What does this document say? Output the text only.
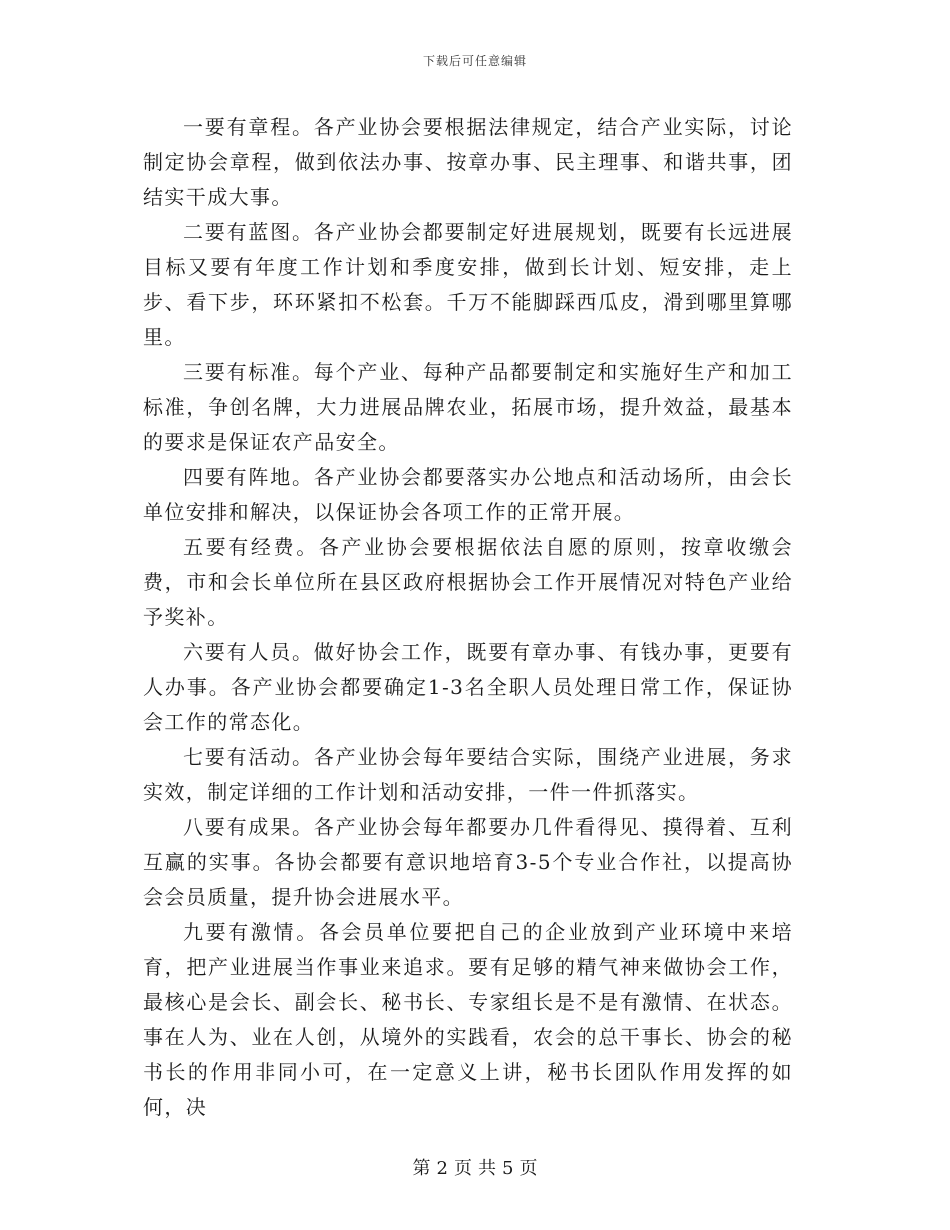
下载后可任意编辑

一要有章程。各产业协会要根据法律规定，结合产业实际，讨论制定协会章程，做到依法办事、按章办事、民主理事、和谐共事，团结实干成大事。

二要有蓝图。各产业协会都要制定好进展规划，既要有长远进展目标又要有年度工作计划和季度安排，做到长计划、短安排，走上步、看下步，环环紧扣不松套。千万不能脚踩西瓜皮，滑到哪里算哪里。

三要有标准。每个产业、每种产品都要制定和实施好生产和加工标准，争创名牌，大力进展品牌农业，拓展市场，提升效益，最基本的要求是保证农产品安全。

四要有阵地。各产业协会都要落实办公地点和活动场所，由会长单位安排和解决，以保证协会各项工作的正常开展。

五要有经费。各产业协会要根据依法自愿的原则，按章收缴会费，市和会长单位所在县区政府根据协会工作开展情况对特色产业给予奖补。

六要有人员。做好协会工作，既要有章办事、有钱办事，更要有人办事。各产业协会都要确定1-3名全职人员处理日常工作，保证协会工作的常态化。

七要有活动。各产业协会每年要结合实际，围绕产业进展，务求实效，制定详细的工作计划和活动安排，一件一件抓落实。

八要有成果。各产业协会每年都要办几件看得见、摸得着、互利互赢的实事。各协会都要有意识地培育3-5个专业合作社，以提高协会会员质量，提升协会进展水平。

九要有激情。各会员单位要把自己的企业放到产业环境中来培育，把产业进展当作事业来追求。要有足够的精气神来做协会工作，最核心是会长、副会长、秘书长、专家组长是不是有激情、在状态。事在人为、业在人创，从境外的实践看，农会的总干事长、协会的秘书长的作用非同小可，在一定意义上讲，秘书长团队作用发挥的如何，决

第 2 页 共 5 页
